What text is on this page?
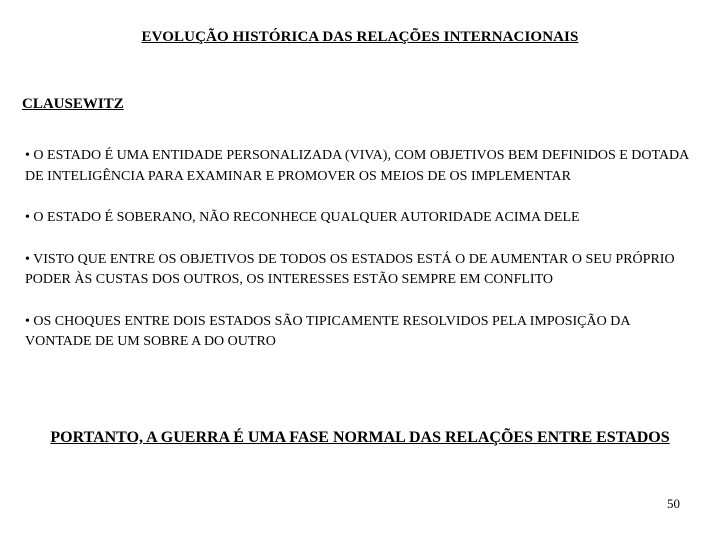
EVOLUÇÃO HISTÓRICA DAS RELAÇÕES INTERNACIONAIS
CLAUSEWITZ

• O ESTADO É UMA ENTIDADE PERSONALIZADA (VIVA), COM OBJETIVOS BEM DEFINIDOS E DOTADA DE INTELIGÊNCIA PARA EXAMINAR E PROMOVER OS MEIOS DE OS IMPLEMENTAR

• O ESTADO É SOBERANO, NÃO RECONHECE QUALQUER AUTORIDADE ACIMA DELE

• VISTO QUE ENTRE OS OBJETIVOS DE TODOS OS ESTADOS ESTÁ O DE AUMENTAR O SEU PRÓPRIO PODER ÀS CUSTAS DOS OUTROS, OS INTERESSES ESTÃO SEMPRE EM CONFLITO

• OS CHOQUES ENTRE DOIS ESTADOS SÃO TIPICAMENTE RESOLVIDOS PELA IMPOSIÇÃO DA VONTADE DE UM SOBRE A DO OUTRO

PORTANTO, A GUERRA É UMA FASE NORMAL DAS RELAÇÕES ENTRE ESTADOS
50
